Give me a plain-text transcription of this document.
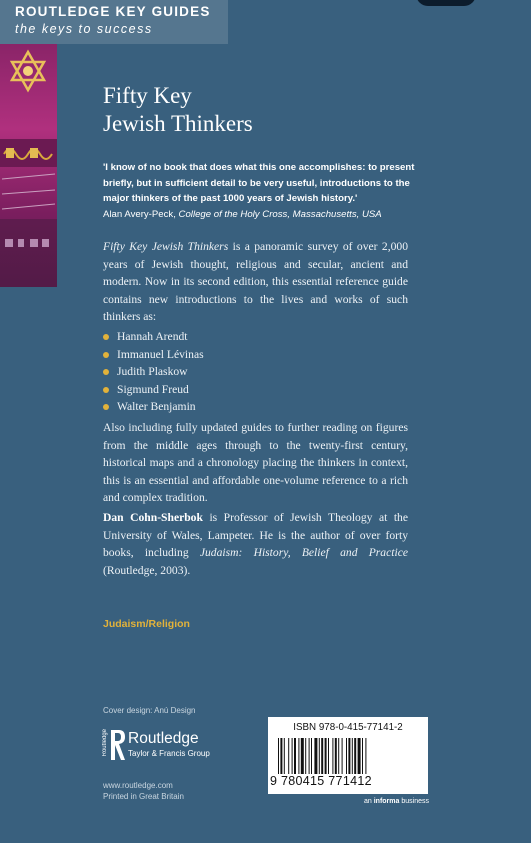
ROUTLEDGE KEY GUIDES

the keys to success

Fifty Key
Jewish Thinkers

'I know of no book that does what this one accomplishes: to present briefly, but in sufficient detail to be very useful, introductions to the major thinkers of the past 1000 years of Jewish history.'

Alan Avery-Peck, College of the Holy Cross, Massachusetts, USA

Fifty Key Jewish Thinkers is a panoramic survey of over 2,000 years of Jewish thought, religious and secular, ancient and modern. Now in its second edition, this essential reference guide contains new introductions to the lives and works of such thinkers as:

Hannah Arendt
Immanuel Lévinas
Judith Plaskow
Sigmund Freud
Walter Benjamin

Also including fully updated guides to further reading on figures from the middle ages through to the twenty-first century, historical maps and a chronology placing the thinkers in context, this is an essential and affordable one-volume reference to a rich and complex tradition.

Dan Cohn-Sherbok is Professor of Jewish Theology at the University of Wales, Lampeter. He is the author of over forty books, including Judaism: History, Belief and Practice (Routledge, 2003).

Judaism/Religion

Cover design: Anú Design

Routledge Routledge
Taylor & Francis Group

www.routledge.com

Printed in Great Britain

ISBN 978-0-415-77141-2
9 780415 771412

an informa business
